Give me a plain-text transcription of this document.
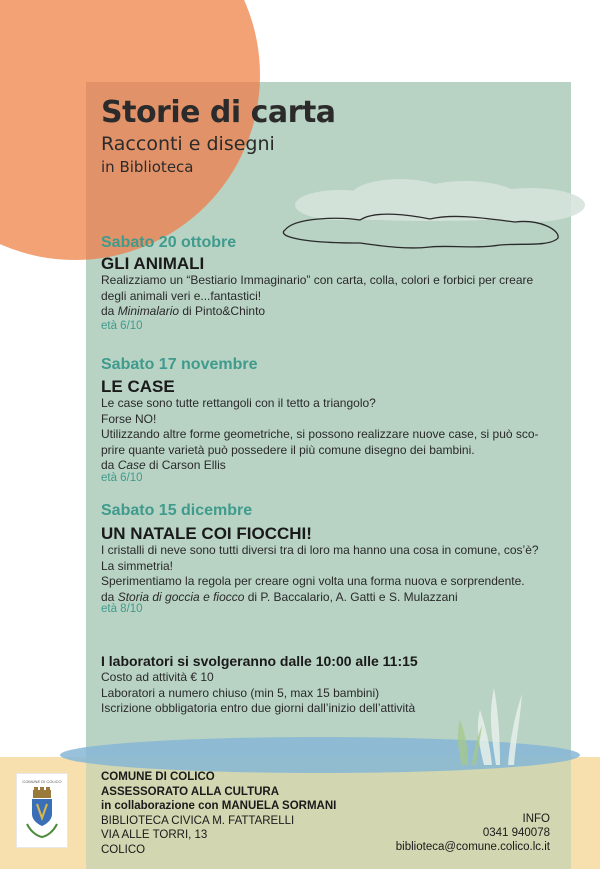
Storie di carta
Racconti e disegni
in Biblioteca
Sabato 20 ottobre
GLI ANIMALI
Realizziamo un “Bestiario Immaginario” con carta, colla, colori e forbici per creare
degli animali veri e...fantastici!
da Minimalario di Pinto&Chinto
età 6/10
Sabato 17 novembre
LE CASE
Le case sono tutte rettangoli con il tetto a triangolo?
Forse NO!
Utilizzando altre forme geometriche, si possono realizzare nuove case, si può sco-
prire quante varietà può possedere il più comune disegno dei bambini.
da Case di Carson Ellis
età 6/10
Sabato 15 dicembre
UN NATALE COI FIOCCHI!
I cristalli di neve sono tutti diversi tra di loro ma hanno una cosa in comune, cos’è?
La simmetria!
Sperimentiamo la regola per creare ogni volta una forma nuova e sorprendente.
da Storia di goccia e fiocco di P. Baccalario, A. Gatti e S. Mulazzani
età 8/10
I laboratori si svolgeranno dalle 10:00 alle 11:15
Costo ad attività € 10
Laboratori a numero chiuso (min 5, max 15 bambini)
Iscrizione obbligatoria entro due giorni dall’inizio dell’attività
COMUNE DI COLICO	COMUNE DI COLICO
ASSESSORATO ALLA CULTURA
in collaborazione con MANUELA SORMANI
BIBLIOTECA CIVICA M. FATTARELLI
VIA ALLE TORRI, 13
COLICO
INFO
0341 940078
biblioteca@comune.colico.lc.it
